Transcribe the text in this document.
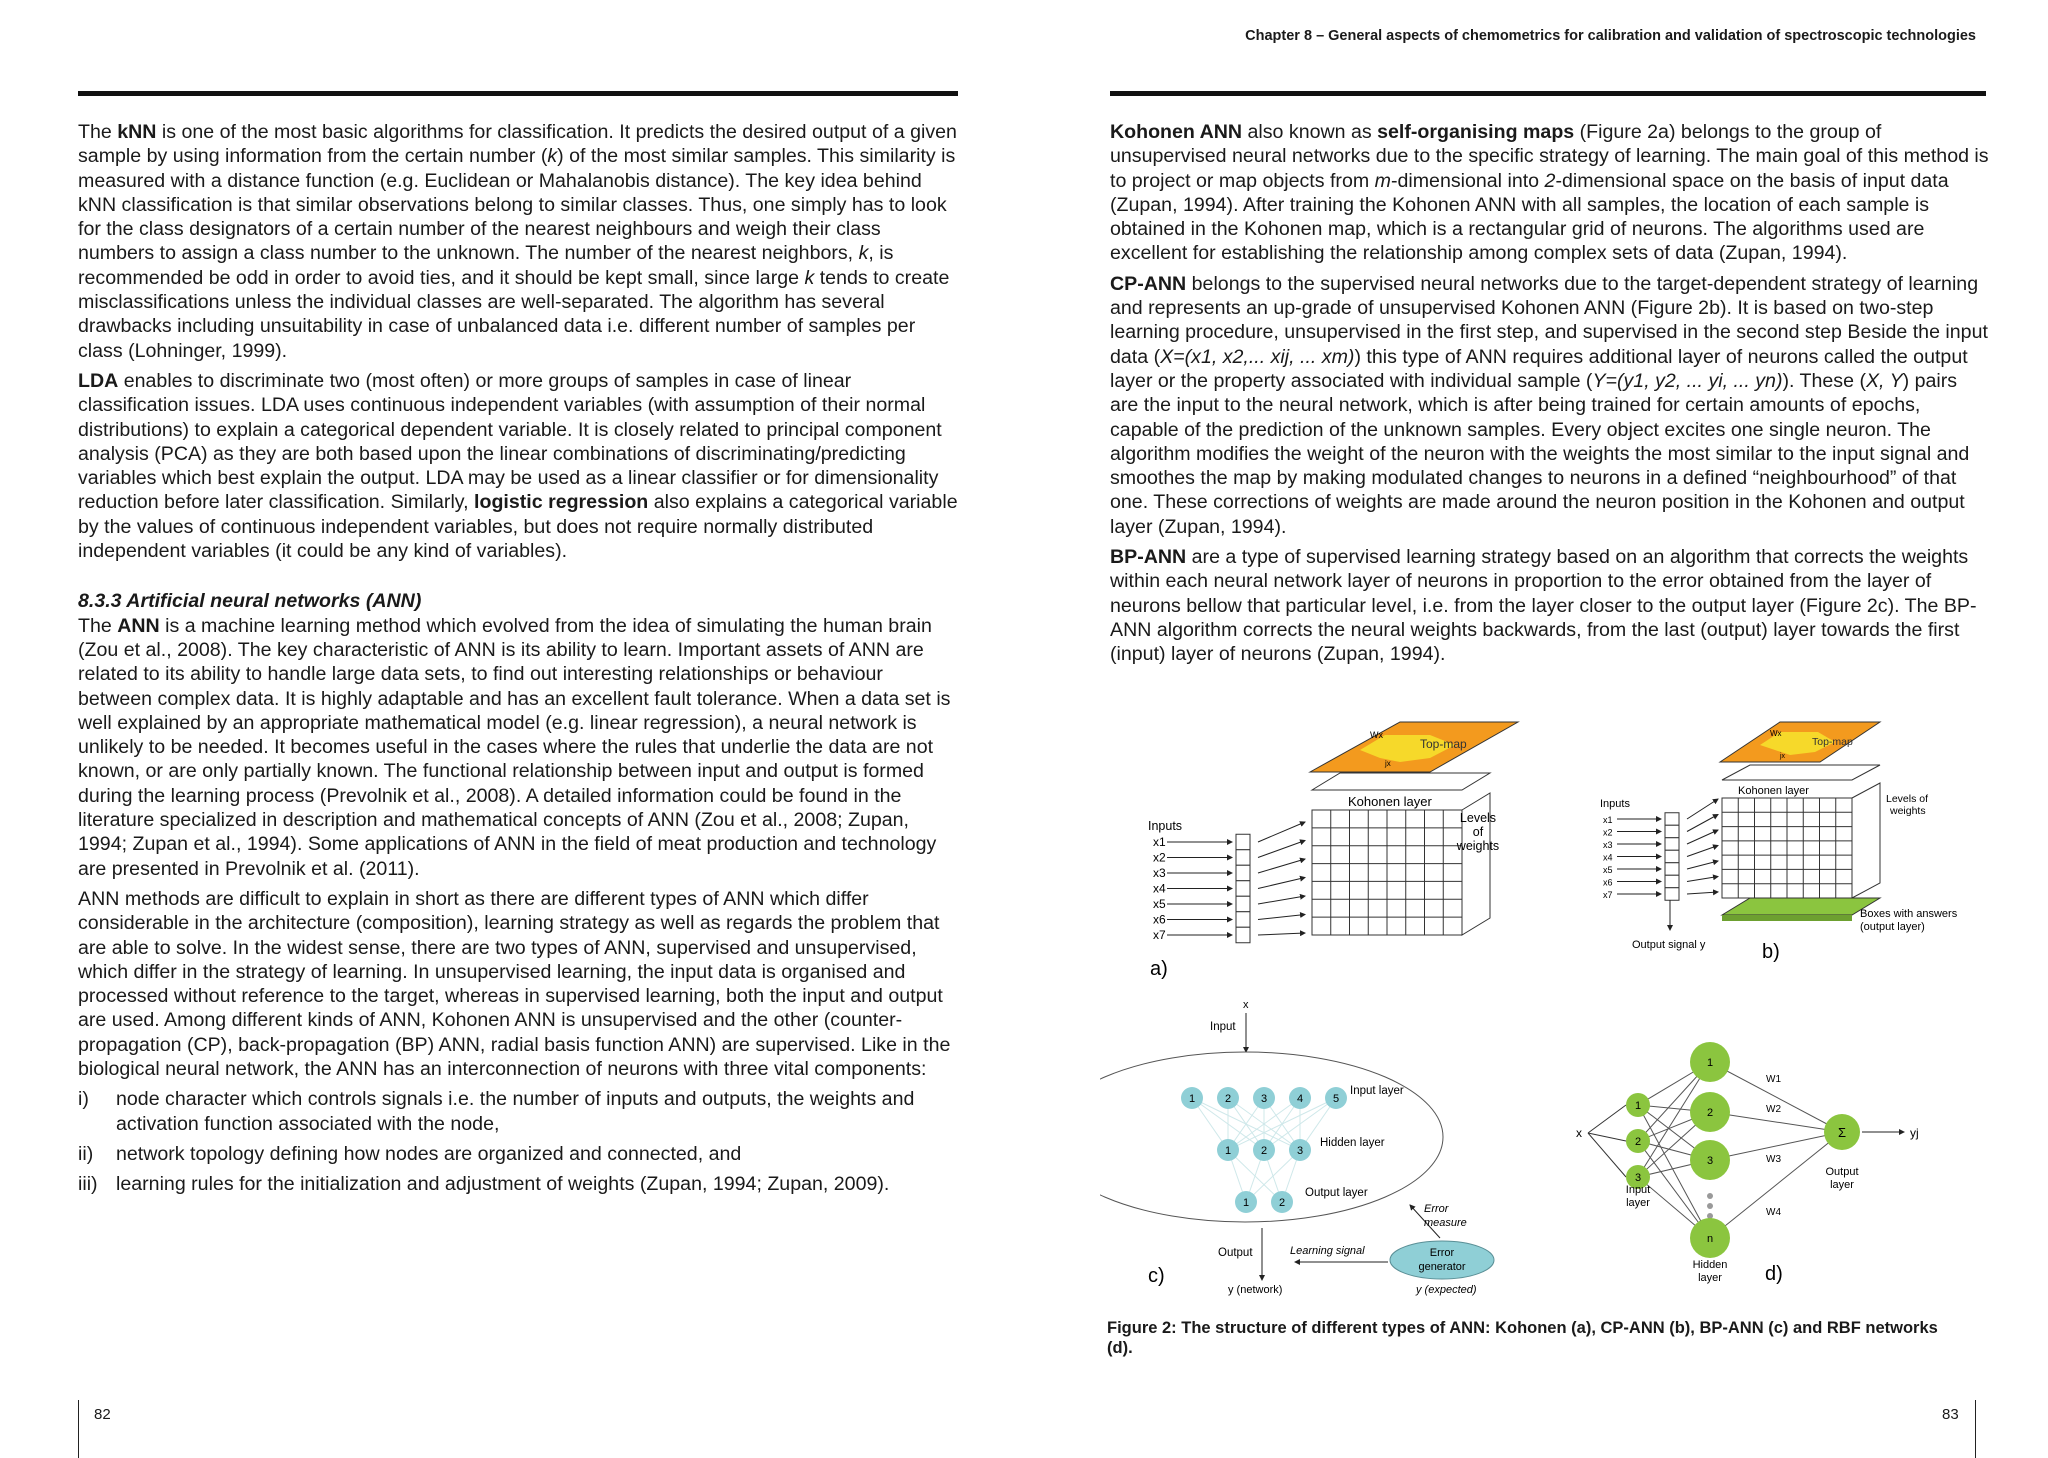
Chapter 8 – General aspects of chemometrics for calibration and validation of spectroscopic technologies

The kNN is one of the most basic algorithms for classification. It predicts the desired output of a given sample by using information from the certain number (k) of the most similar samples. This similarity is measured with a distance function (e.g. Euclidean or Mahalanobis distance). The key idea behind kNN classification is that similar observations belong to similar classes. Thus, one simply has to look for the class designators of a certain number of the nearest neighbours and weigh their class numbers to assign a class number to the unknown. The number of the nearest neighbors, k, is recommended be odd in order to avoid ties, and it should be kept small, since large k tends to create misclassifications unless the individual classes are well-separated. The algorithm has several drawbacks including unsuitability in case of unbalanced data i.e. different number of samples per class (Lohninger, 1999).

LDA enables to discriminate two (most often) or more groups of samples in case of linear classification issues. LDA uses continuous independent variables (with assumption of their normal distributions) to explain a categorical dependent variable. It is closely related to principal component analysis (PCA) as they are both based upon the linear combinations of discriminating/predicting variables which best explain the output. LDA may be used as a linear classifier or for dimensionality reduction before later classification. Similarly, logistic regression also explains a categorical variable by the values of continuous independent variables, but does not require normally distributed independent variables (it could be any kind of variables).

8.3.3 Artificial neural networks (ANN)

The ANN is a machine learning method which evolved from the idea of simulating the human brain (Zou et al., 2008). The key characteristic of ANN is its ability to learn. Important assets of ANN are related to its ability to handle large data sets, to find out interesting relationships or behaviour between complex data. It is highly adaptable and has an excellent fault tolerance. When a data set is well explained by an appropriate mathematical model (e.g. linear regression), a neural network is unlikely to be needed. It becomes useful in the cases where the rules that underlie the data are not known, or are only partially known. The functional relationship between input and output is formed during the learning process (Prevolnik et al., 2008). A detailed information could be found in the literature specialized in description and mathematical concepts of ANN (Zou et al., 2008; Zupan, 1994; Zupan et al., 1994). Some applications of ANN in the field of meat production and technology are presented in Prevolnik et al. (2011).

ANN methods are difficult to explain in short as there are different types of ANN which differ considerable in the architecture (composition), learning strategy as well as regards the problem that are able to solve. In the widest sense, there are two types of ANN, supervised and unsupervised, which differ in the strategy of learning. In unsupervised learning, the input data is organised and processed without reference to the target, whereas in supervised learning, both the input and output are used. Among different kinds of ANN, Kohonen ANN is unsupervised and the other (counter-propagation (CP), back-propagation (BP) ANN, radial basis function ANN) are supervised. Like in the biological neural network, the ANN has an interconnection of neurons with three vital components:

i)	node character which controls signals i.e. the number of inputs and outputs, the weights and activation function associated with the node,
ii)	network topology defining how nodes are organized and connected, and
iii) learning rules for the initialization and adjustment of weights (Zupan, 1994; Zupan, 2009).

Kohonen ANN also known as self-organising maps (Figure 2a) belongs to the group of unsupervised neural networks due to the specific strategy of learning. The main goal of this method is to project or map objects from m-dimensional into 2-dimensional space on the basis of input data (Zupan, 1994). After training the Kohonen ANN with all samples, the location of each sample is obtained in the Kohonen map, which is a rectangular grid of neurons. The algorithms used are excellent for establishing the relationship among complex sets of data (Zupan, 1994).

CP-ANN belongs to the supervised neural networks due to the target-dependent strategy of learning and represents an up-grade of unsupervised Kohonen ANN (Figure 2b). It is based on two-step learning procedure, unsupervised in the first step, and supervised in the second step Beside the input data (X=(x1, x2,... xij, ... xm)) this type of ANN requires additional layer of neurons called the output layer or the property associated with individual sample (Y=(y1, y2, ... yi, ... yn)). These (X, Y) pairs are the input to the neural network, which is after being trained for certain amounts of epochs, capable of the prediction of the unknown samples. Every object excites one single neuron. The algorithm modifies the weight of the neuron with the weights the most similar to the input signal and smoothes the map by making modulated changes to neurons in a defined “neighbourhood” of that one. These corrections of weights are made around the neuron position in the Kohonen and output layer (Zupan, 1994).

BP-ANN are a type of supervised learning strategy based on an algorithm that corrects the weights within each neural network layer of neurons in proportion to the error obtained from the layer of neurons bellow that particular level, i.e. from the layer closer to the output layer (Figure 2c). The BP-ANN algorithm corrects the neural weights backwards, from the last (output) layer towards the first (input) layer of neurons (Zupan, 1994).

Top-map
Wx
jx
Kohonen layer
Levels
of
weights
Inputs
x1
x2
x3
x4
x5
x6
x7
a)
Top-map
Wx
jx
Kohonen layer
Levels of
weights
Inputs
x1
x2
x3
x4
x5
x6
x7
Output signal y
Boxes with answers
(output layer)
b)
x
Input
1	2	3	4	5
1	2	3
1	2
Input layer
Hidden layer
Output layer
Output
y (network)
Error
generator
y (expected)
Learning signal
Error
measure
c)
x
1
2
3
1
2
3
n
Σ	yj
W1
W2
W3
W4
Input
layer
Hidden
layer
Output
layer
d)
Figure 2: The structure of different types of ANN: Kohonen (a), CP-ANN (b), BP-ANN (c) and RBF networks (d).
82	83
